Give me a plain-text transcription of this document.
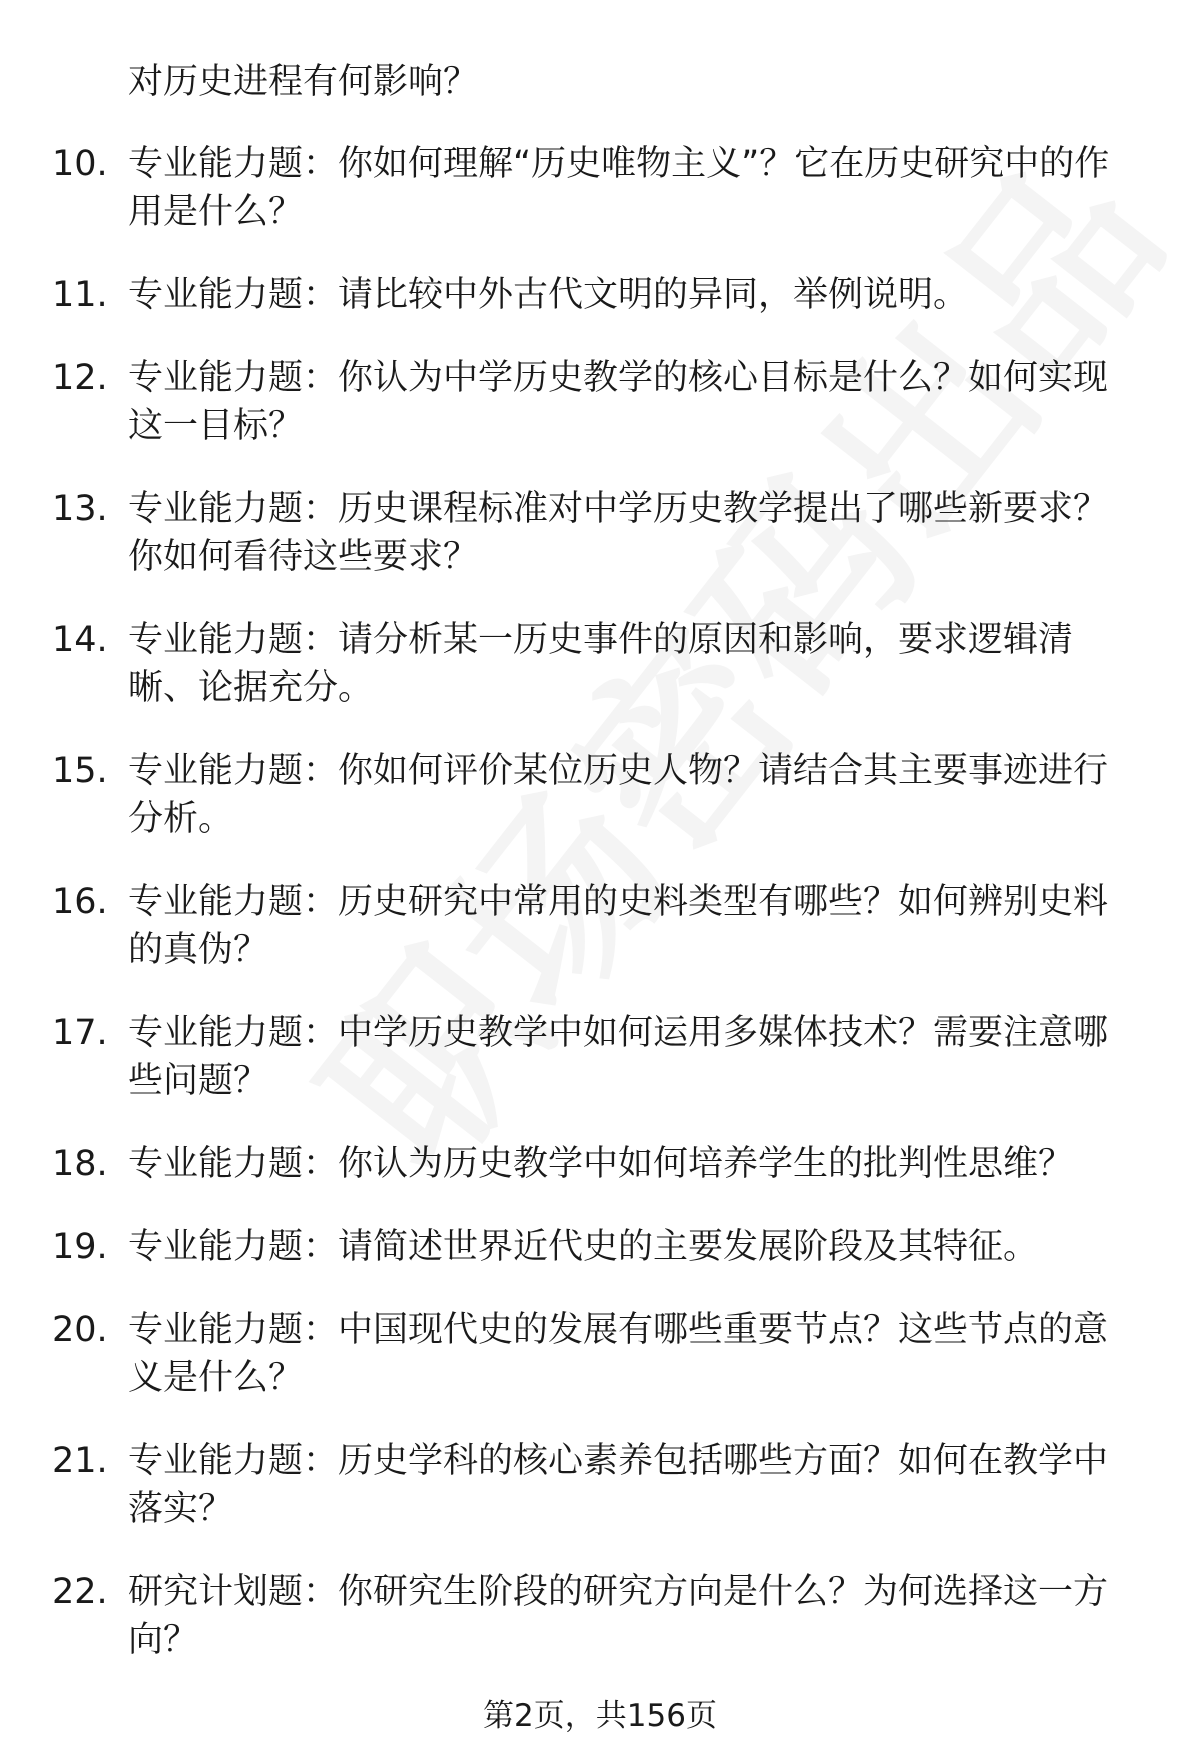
对历史进程有何影响？
10. 专业能力题：你如何理解“历史唯物主义”？它在历史研究中的作用是什么？
11. 专业能力题：请比较中外古代文明的异同，举例说明。
12. 专业能力题：你认为中学历史教学的核心目标是什么？如何实现这一目标？
13. 专业能力题：历史课程标准对中学历史教学提出了哪些新要求？你如何看待这些要求？
14. 专业能力题：请分析某一历史事件的原因和影响，要求逻辑清晰、论据充分。
15. 专业能力题：你如何评价某位历史人物？请结合其主要事迹进行分析。
16. 专业能力题：历史研究中常用的史料类型有哪些？如何辨别史料的真伪？
17. 专业能力题：中学历史教学中如何运用多媒体技术？需要注意哪些问题？
18. 专业能力题：你认为历史教学中如何培养学生的批判性思维？
19. 专业能力题：请简述世界近代史的主要发展阶段及其特征。
20. 专业能力题：中国现代史的发展有哪些重要节点？这些节点的意义是什么？
21. 专业能力题：历史学科的核心素养包括哪些方面？如何在教学中落实？
22. 研究计划题：你研究生阶段的研究方向是什么？为何选择这一方向？
第2页，共156页
